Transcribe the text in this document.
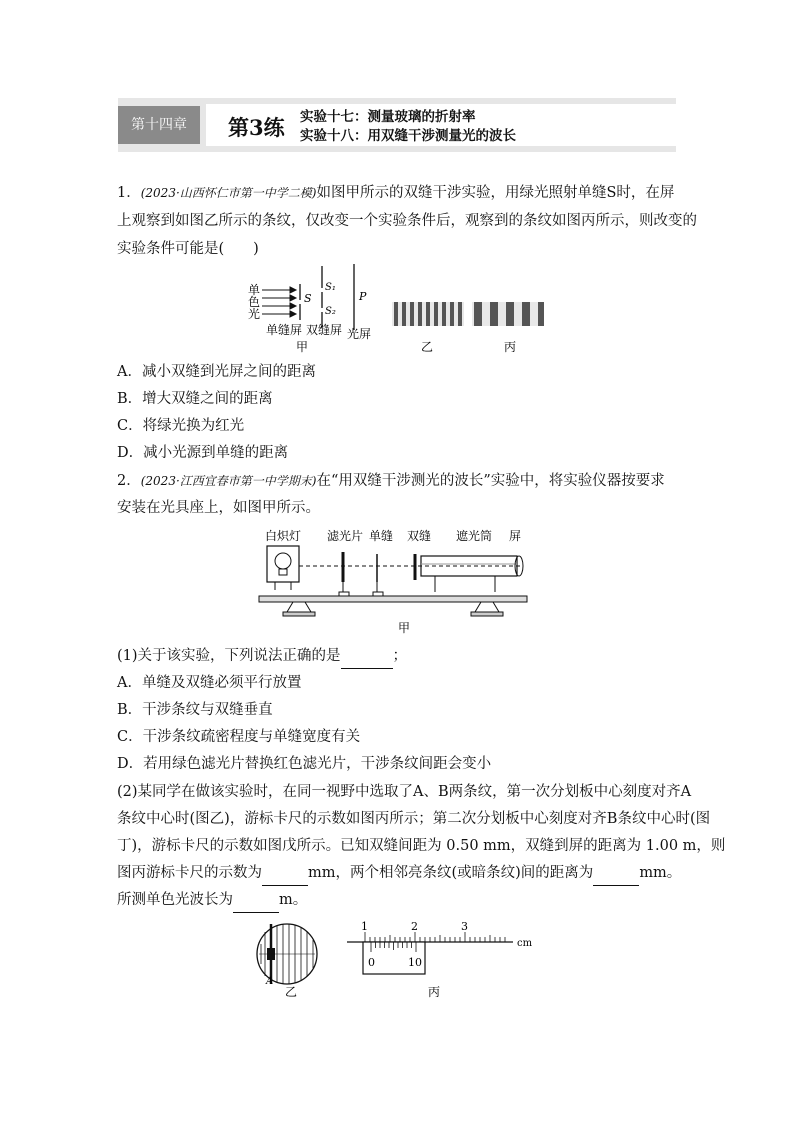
第十四章	第3练 实验十七：测量玻璃的折射率
实验十八：用双缝干涉测量光的波长
1．(2023·山西怀仁市第一中学二模)如图甲所示的双缝干涉实验，用绿光照射单缝S时，在屏
上观察到如图乙所示的条纹，仅改变一个实验条件后，观察到的条纹如图丙所示，则改变的
实验条件可能是(　　)
单
色
光
S
S₁
S₂
P
单缝屏 双缝屏 光屏
甲	乙	丙
A．减小双缝到光屏之间的距离
B．增大双缝之间的距离
C．将绿光换为红光
D．减小光源到单缝的距离
2．(2023·江西宜春市第一中学期末)在“用双缝干涉测光的波长”实验中，将实验仪器按要求
安装在光具座上，如图甲所示。
白炽灯 滤光片 单缝 双缝 遮光筒 屏
甲
(1)关于该实验，下列说法正确的是	；
A．单缝及双缝必须平行放置
B．干涉条纹与双缝垂直
C．干涉条纹疏密程度与单缝宽度有关
D．若用绿色滤光片替换红色滤光片，干涉条纹间距会变小
(2)某同学在做该实验时，在同一视野中选取了A、B两条纹，第一次分划板中心刻度对齐A
条纹中心时(图乙)，游标卡尺的示数如图丙所示；第二次分划板中心刻度对齐B条纹中心时(图
丁)，游标卡尺的示数如图戊所示。已知双缝间距为 0.50 mm，双缝到屏的距离为 1.00 m，则
图丙游标卡尺的示数为	mm，两个相邻亮条纹(或暗条纹)间的距离为	mm。
所测单色光波长为	m。
A
乙
1	2	3
cm
0	10
丙
